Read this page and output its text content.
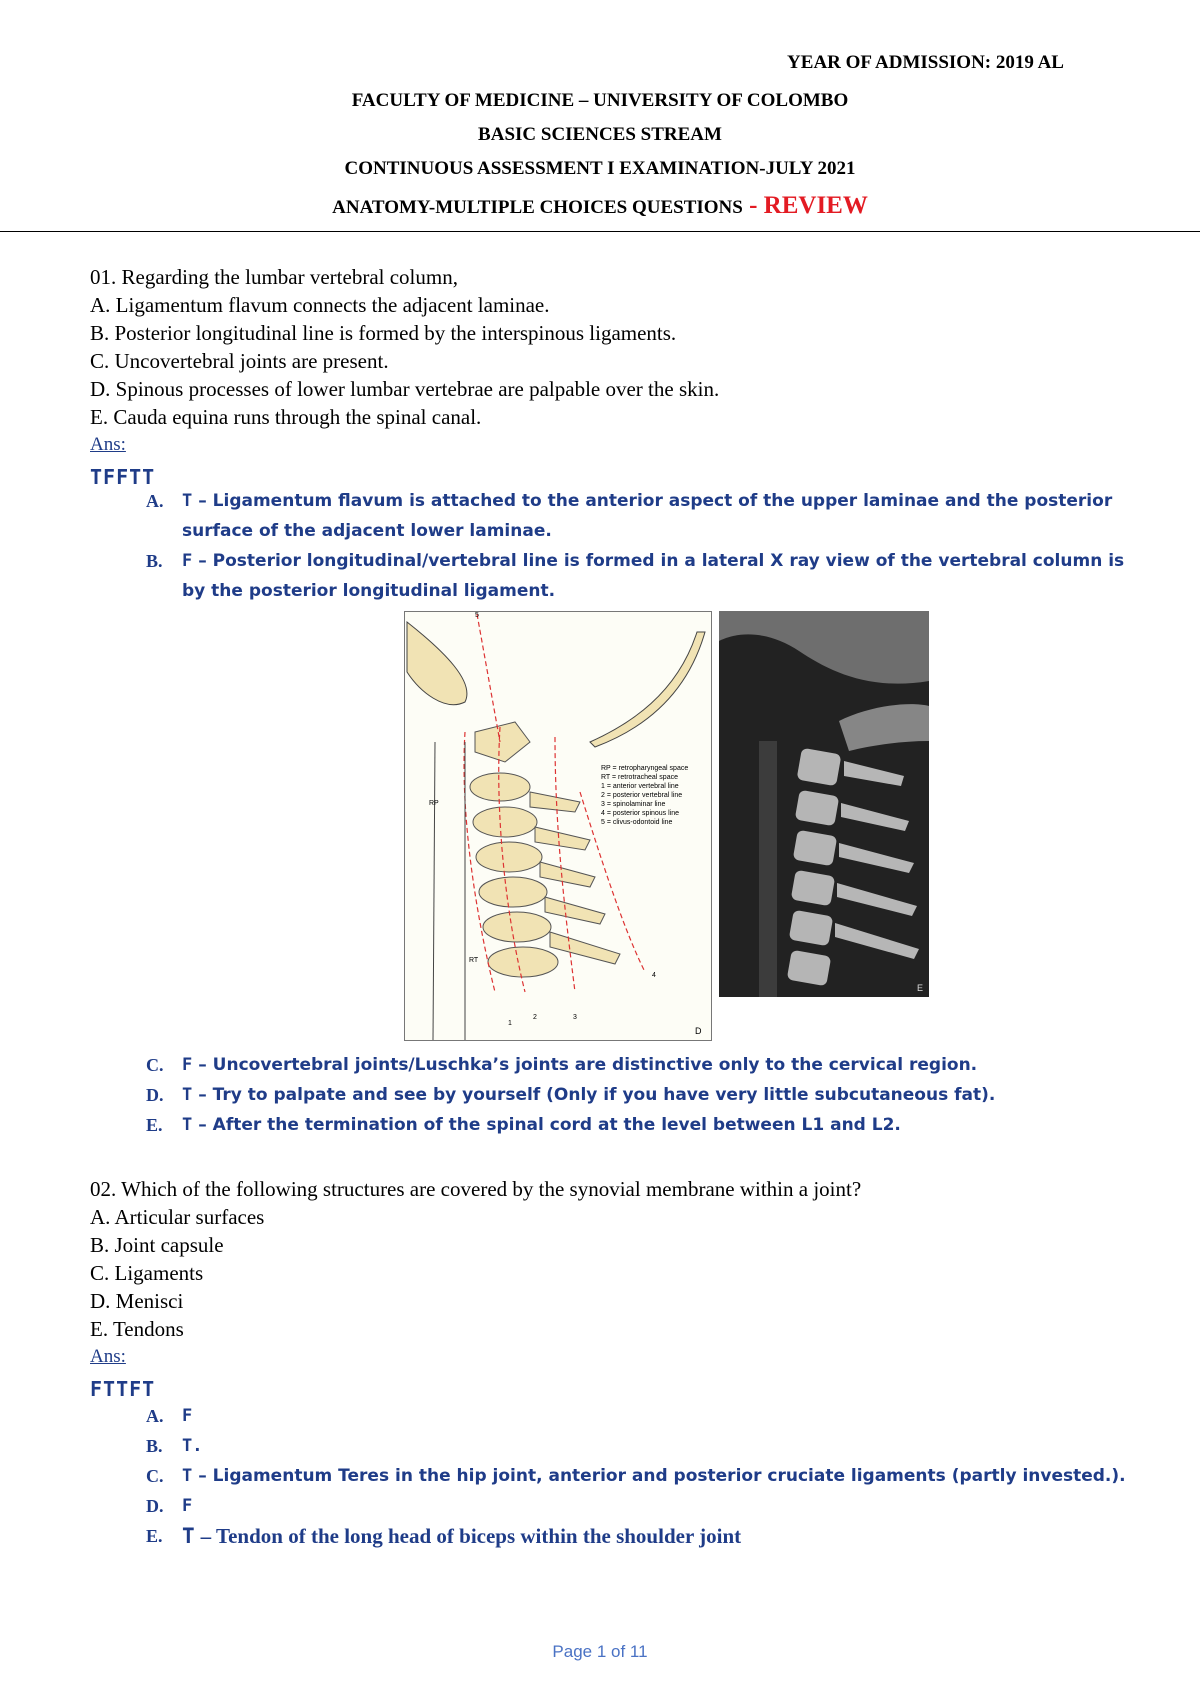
YEAR OF ADMISSION: 2019 AL
FACULTY OF MEDICINE – UNIVERSITY OF COLOMBO
BASIC SCIENCES STREAM
CONTINUOUS ASSESSMENT I EXAMINATION-JULY 2021
ANATOMY-MULTIPLE CHOICES QUESTIONS - REVIEW
01. Regarding the lumbar vertebral column,
A. Ligamentum flavum connects the adjacent laminae.
B. Posterior longitudinal line is formed by the interspinous ligaments.
C. Uncovertebral joints are present.
D. Spinous processes of lower lumbar vertebrae are palpable over the skin.
E. Cauda equina runs through the spinal canal.
Ans:
TFFTT
A.	T – Ligamentum flavum is attached to the anterior aspect of the upper laminae and the posterior surface of the adjacent lower laminae.
B.	F – Posterior longitudinal/vertebral line is formed in a lateral X ray view of the vertebral column is by the posterior longitudinal ligament.
5
RP
RT
1
2	3
4
D
RP = retropharyngeal space
RT = retrotracheal space
1 = anterior vertebral line
2 = posterior vertebral line
3 = spinolaminar line
4 = posterior spinous line
5 = clivus-odontoid line
E
C.	F – Uncovertebral joints/Luschka’s joints are distinctive only to the cervical region.
D.	T – Try to palpate and see by yourself (Only if you have very little subcutaneous fat).
E.	T – After the termination of the spinal cord at the level between L1 and L2.
02. Which of the following structures are covered by the synovial membrane within a joint?
A. Articular surfaces
B. Joint capsule
C. Ligaments
D. Menisci
E. Tendons
Ans:
FTTFT
A.	F
B.	T.
C.	T – Ligamentum Teres in the hip joint, anterior and posterior cruciate ligaments (partly invested.).
D.	F
E. T – Tendon of the long head of biceps within the shoulder joint
Page 1 of 11
